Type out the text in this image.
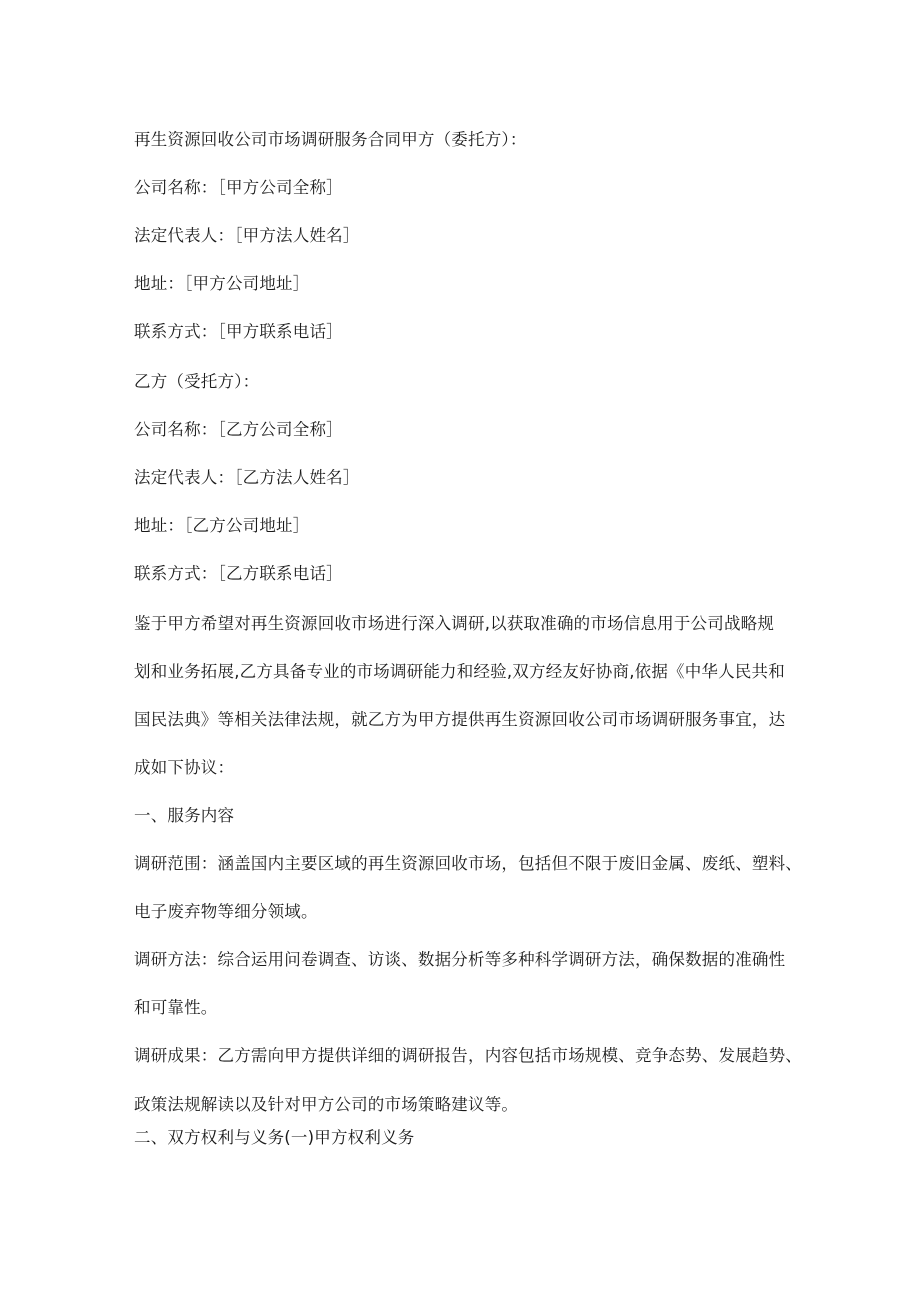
再生资源回收公司市场调研服务合同甲方（委托方）：
公司名称：［甲方公司全称］
法定代表人：［甲方法人姓名］
地址：［甲方公司地址］
联系方式：［甲方联系电话］
乙方（受托方）：
公司名称：［乙方公司全称］
法定代表人：［乙方法人姓名］
地址：［乙方公司地址］
联系方式：［乙方联系电话］
鉴于甲方希望对再生资源回收市场进行深入调研,以获取准确的市场信息用于公司战略规
划和业务拓展,乙方具备专业的市场调研能力和经验,双方经友好协商,依据《中华人民共和
国民法典》等相关法律法规，就乙方为甲方提供再生资源回收公司市场调研服务事宜，达
成如下协议：
一、服务内容
调研范围：涵盖国内主要区域的再生资源回收市场，包括但不限于废旧金属、废纸、塑料、
电子废弃物等细分领域。
调研方法：综合运用问卷调查、访谈、数据分析等多种科学调研方法，确保数据的准确性
和可靠性。
调研成果：乙方需向甲方提供详细的调研报告，内容包括市场规模、竞争态势、发展趋势、
政策法规解读以及针对甲方公司的市场策略建议等。
二、双方权利与义务(一)甲方权利义务
